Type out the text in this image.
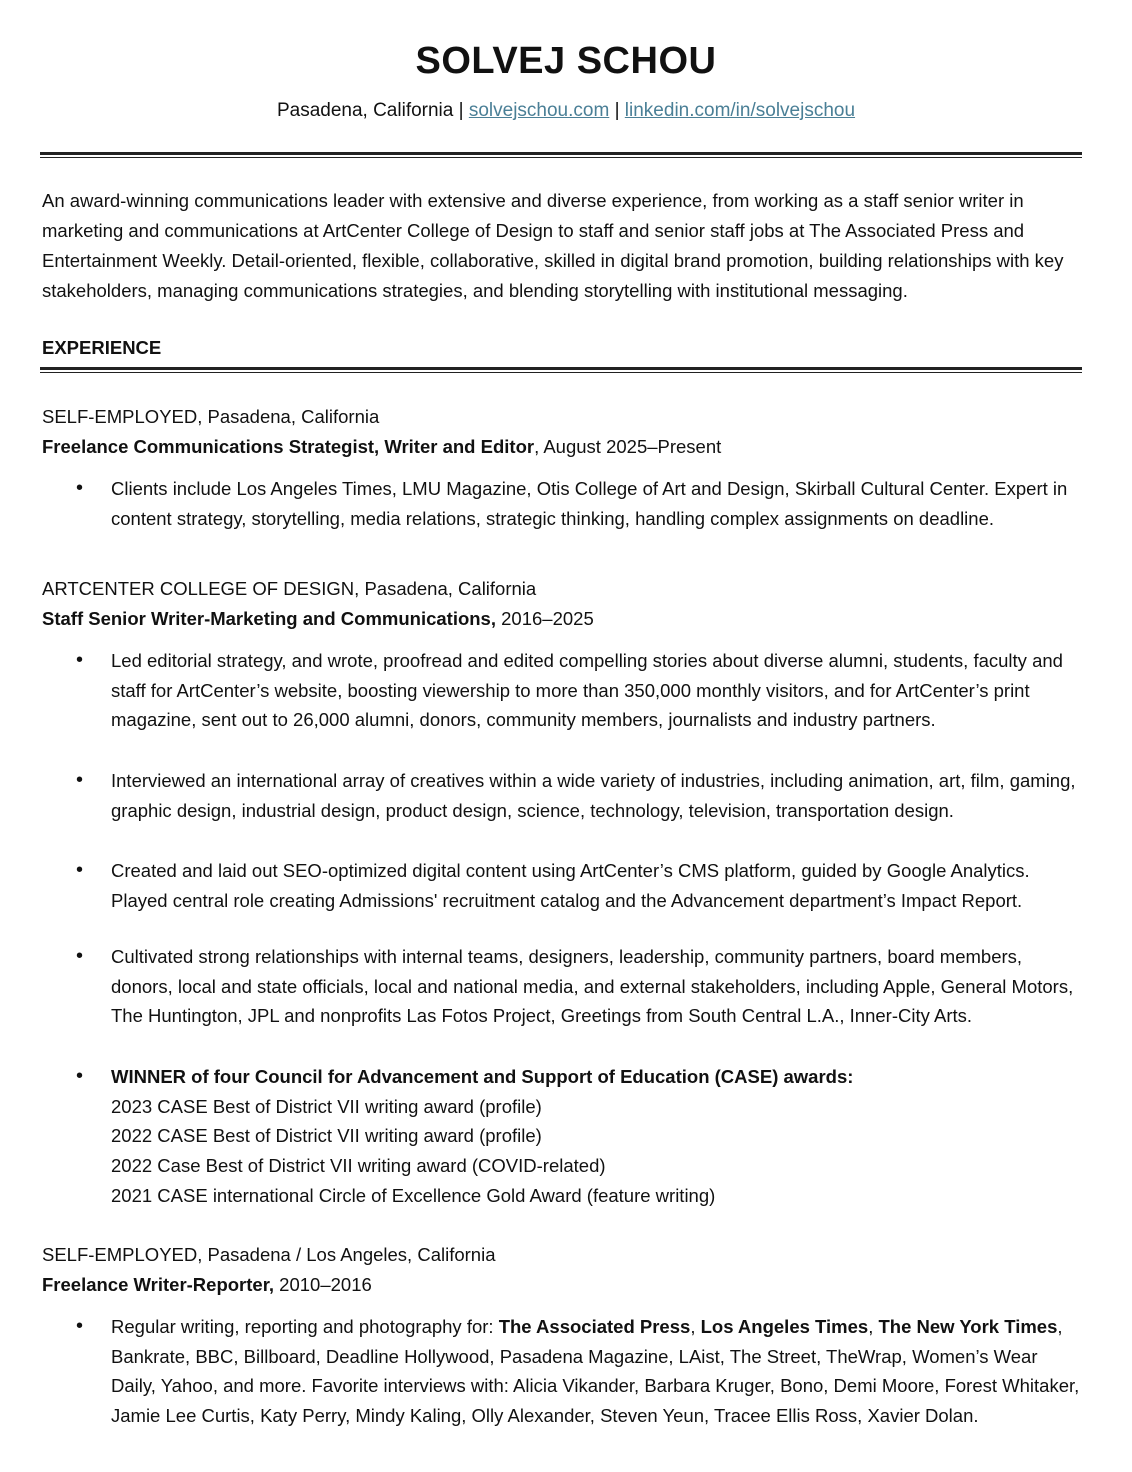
SOLVEJ SCHOU
Pasadena, California | solvejschou.com | linkedin.com/in/solvejschou
An award-winning communications leader with extensive and diverse experience, from working as a staff senior writer in marketing and communications at ArtCenter College of Design to staff and senior staff jobs at The Associated Press and Entertainment Weekly. Detail-oriented, flexible, collaborative, skilled in digital brand promotion, building relationships with key stakeholders, managing communications strategies, and blending storytelling with institutional messaging.
EXPERIENCE
SELF-EMPLOYED, Pasadena, California
Freelance Communications Strategist, Writer and Editor, August 2025–Present
• Clients include Los Angeles Times, LMU Magazine, Otis College of Art and Design, Skirball Cultural Center. Expert in content strategy, storytelling, media relations, strategic thinking, handling complex assignments on deadline.
ARTCENTER COLLEGE OF DESIGN, Pasadena, California
Staff Senior Writer-Marketing and Communications, 2016–2025
• Led editorial strategy, and wrote, proofread and edited compelling stories about diverse alumni, students, faculty and staff for ArtCenter’s website, boosting viewership to more than 350,000 monthly visitors, and for ArtCenter’s print magazine, sent out to 26,000 alumni, donors, community members, journalists and industry partners.
• Interviewed an international array of creatives within a wide variety of industries, including animation, art, film, gaming, graphic design, industrial design, product design, science, technology, television, transportation design.
• Created and laid out SEO-optimized digital content using ArtCenter’s CMS platform, guided by Google Analytics. Played central role creating Admissions' recruitment catalog and the Advancement department’s Impact Report.
• Cultivated strong relationships with internal teams, designers, leadership, community partners, board members, donors, local and state officials, local and national media, and external stakeholders, including Apple, General Motors, The Huntington, JPL and nonprofits Las Fotos Project, Greetings from South Central L.A., Inner-City Arts.
• WINNER of four Council for Advancement and Support of Education (CASE) awards:
2023 CASE Best of District VII writing award (profile)
2022 CASE Best of District VII writing award (profile)
2022 Case Best of District VII writing award (COVID-related)
2021 CASE international Circle of Excellence Gold Award (feature writing)
SELF-EMPLOYED, Pasadena / Los Angeles, California
Freelance Writer-Reporter, 2010–2016
• Regular writing, reporting and photography for: The Associated Press, Los Angeles Times, The New York Times, Bankrate, BBC, Billboard, Deadline Hollywood, Pasadena Magazine, LAist, The Street, TheWrap, Women’s Wear Daily, Yahoo, and more. Favorite interviews with: Alicia Vikander, Barbara Kruger, Bono, Demi Moore, Forest Whitaker, Jamie Lee Curtis, Katy Perry, Mindy Kaling, Olly Alexander, Steven Yeun, Tracee Ellis Ross, Xavier Dolan.
